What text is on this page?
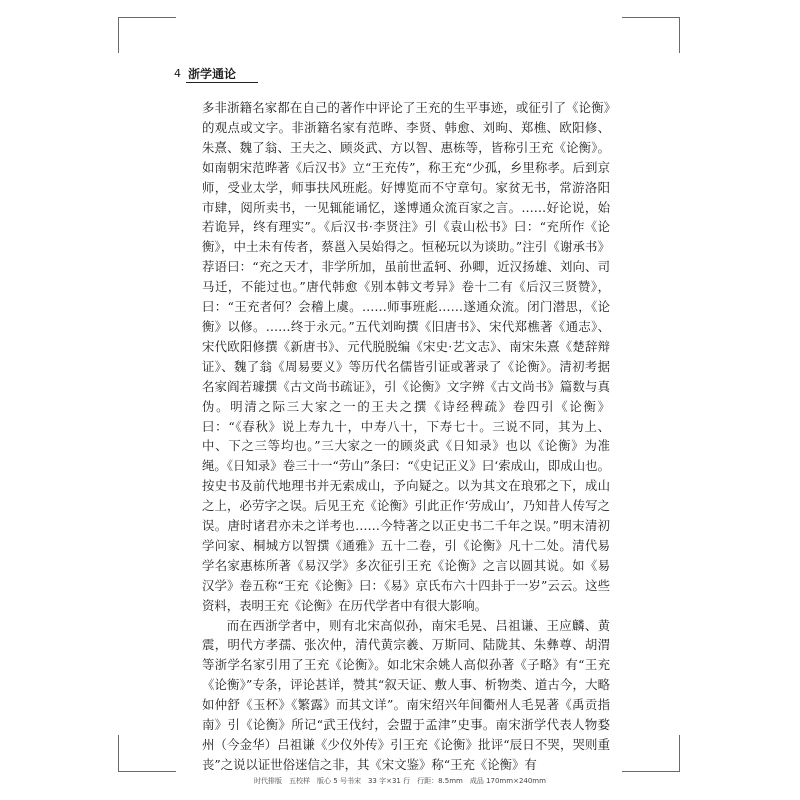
4 浙学通论

多非浙籍名家都在自己的著作中评论了王充的生平事迹，或征引了《论衡》的观点或文字。非浙籍名家有范晔、李贤、韩愈、刘昫、郑樵、欧阳修、朱熹、魏了翁、王夫之、顾炎武、方以智、惠栋等，皆称引王充《论衡》。如南朝宋范晔著《后汉书》立“王充传”，称王充“少孤，乡里称孝。后到京师，受业太学，师事扶风班彪。好博览而不守章句。家贫无书，常游洛阳市肆，阅所卖书，一见辄能诵忆，遂博通众流百家之言。……好论说，始若诡异，终有理实”。《后汉书·李贤注》引《袁山松书》曰：“充所作《论衡》，中土未有传者，蔡邕入吴始得之。恒秘玩以为谈助。”注引《谢承书》荐语曰：“充之天才，非学所加，虽前世孟轲、孙卿，近汉扬雄、刘向、司马迁，不能过也。”唐代韩愈《别本韩文考异》卷十二有《后汉三贤赞》，曰：“王充者何？会稽上虞。……师事班彪……遂通众流。闭门潜思，《论衡》以修。……终于永元。”五代刘昫撰《旧唐书》、宋代郑樵著《通志》、宋代欧阳修撰《新唐书》、元代脱脱编《宋史·艺文志》、南宋朱熹《楚辞辩证》、魏了翁《周易要义》等历代名儒皆引证或著录了《论衡》。清初考据名家阎若璩撰《古文尚书疏证》，引《论衡》文字辨《古文尚书》篇数与真伪。明清之际三大家之一的王夫之撰《诗经稗疏》卷四引《论衡》曰：“《春秋》说上寿九十，中寿八十，下寿七十。三说不同，其为上、中、下之三等均也。”三大家之一的顾炎武《日知录》也以《论衡》为准绳。《日知录》卷三十一“劳山”条曰：“《史记正义》曰‘索成山，即成山也。按史书及前代地理书并无索成山，予向疑之。以为其文在琅邪之下，成山之上，必劳字之误。后见王充《论衡》引此正作‘劳成山’，乃知昔人传写之误。唐时诸君亦未之详考也……今特著之以正史书二千年之误。”明末清初学问家、桐城方以智撰《通雅》五十二卷，引《论衡》凡十二处。清代易学名家惠栋所著《易汉学》多次征引王充《论衡》之言以圆其说。如《易汉学》卷五称“王充《论衡》曰：《易》京氏布六十四卦于一岁”云云。这些资料，表明王充《论衡》在历代学者中有很大影响。

而在西浙学者中，则有北宋高似孙，南宋毛晃、吕祖谦、王应麟、黄震，明代方孝孺、张次仲，清代黄宗羲、万斯同、陆陇其、朱彝尊、胡渭等浙学名家引用了王充《论衡》。如北宋余姚人高似孙著《子略》有“王充《论衡》”专条，评论甚详，赞其“叙天证、敷人事、析物类、道古今，大略如仲舒《玉杯》《繁露》而其文详”。南宋绍兴年间衢州人毛晃著《禹贡指南》引《论衡》所记“武王伐纣，会盟于孟津”史事。南宋浙学代表人物婺州（今金华）吕祖谦《少仪外传》引王充《论衡》批评“辰日不哭，哭则重丧”之说以证世俗迷信之非，其《宋文鉴》称“王充《论衡》有

时代排版　五校样　版心 5 号书宋　33 字×31 行　行距：8.5mm　成品 170mm×240mm
